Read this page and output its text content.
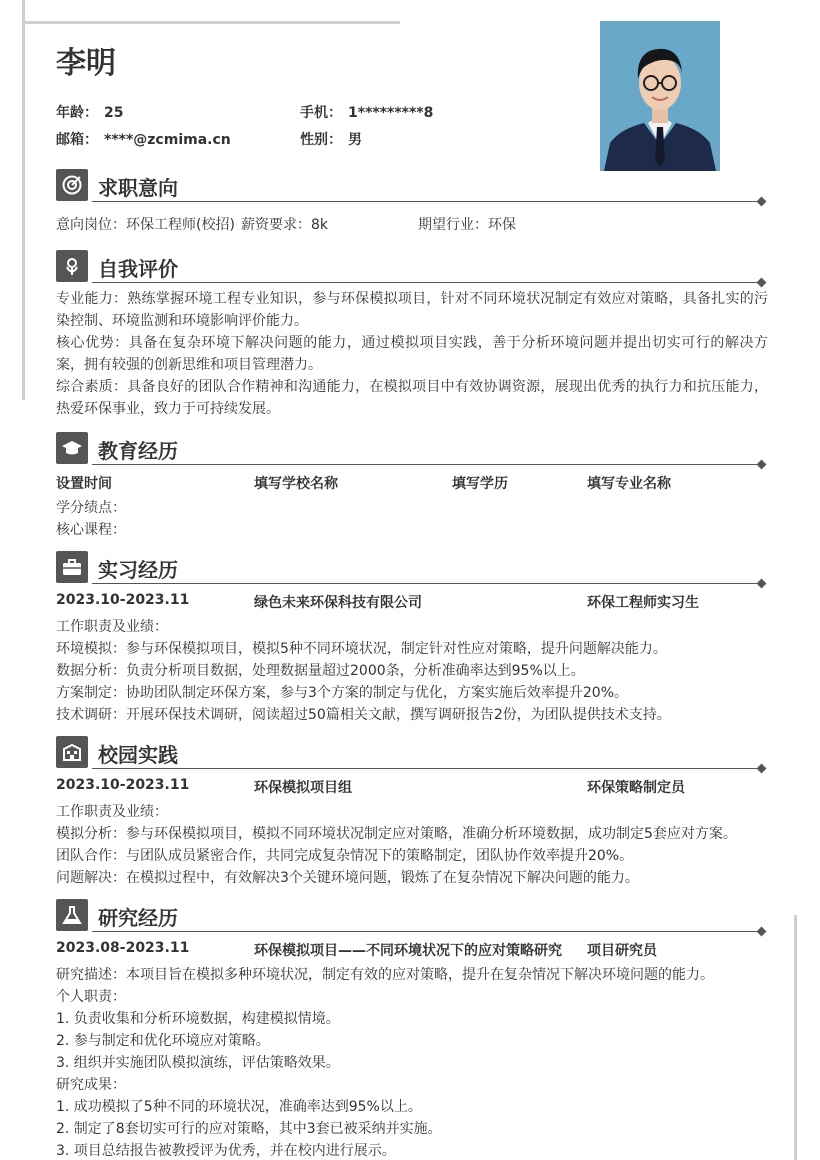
李明
年龄： 25	手机： 1*********8
邮箱： ****@zcmima.cn	性别： 男
求职意向
意向岗位：环保工程师(校招) 薪资要求：8k	期望行业：环保
自我评价
专业能力：熟练掌握环境工程专业知识，参与环保模拟项目，针对不同环境状况制定有效应对策略，具备扎实的污染控制、环境监测和环境影响评价能力。
核心优势：具备在复杂环境下解决问题的能力，通过模拟项目实践，善于分析环境问题并提出切实可行的解决方案，拥有较强的创新思维和项目管理潜力。
综合素质：具备良好的团队合作精神和沟通能力，在模拟项目中有效协调资源，展现出优秀的执行力和抗压能力，热爱环保事业，致力于可持续发展。
教育经历
设置时间	填写学校名称	填写学历	填写专业名称
学分绩点：
核心课程：
实习经历
2023.10-2023.11	绿色未来环保科技有限公司	环保工程师实习生
工作职责及业绩：
环境模拟：参与环保模拟项目，模拟5种不同环境状况，制定针对性应对策略，提升问题解决能力。
数据分析：负责分析项目数据，处理数据量超过2000条，分析准确率达到95%以上。
方案制定：协助团队制定环保方案，参与3个方案的制定与优化，方案实施后效率提升20%。
技术调研：开展环保技术调研，阅读超过50篇相关文献，撰写调研报告2份，为团队提供技术支持。
校园实践
2023.10-2023.11	环保模拟项目组	环保策略制定员
工作职责及业绩：
模拟分析：参与环保模拟项目，模拟不同环境状况制定应对策略，准确分析环境数据，成功制定5套应对方案。
团队合作：与团队成员紧密合作，共同完成复杂情况下的策略制定，团队协作效率提升20%。
问题解决：在模拟过程中，有效解决3个关键环境问题，锻炼了在复杂情况下解决问题的能力。
研究经历
2023.08-2023.11	环保模拟项目——不同环境状况下的应对策略研究 项目研究员
研究描述：本项目旨在模拟多种环境状况，制定有效的应对策略，提升在复杂情况下解决环境问题的能力。
个人职责：
1. 负责收集和分析环境数据，构建模拟情境。
2. 参与制定和优化环境应对策略。
3. 组织并实施团队模拟演练，评估策略效果。
研究成果：
1. 成功模拟了5种不同的环境状况，准确率达到95%以上。
2. 制定了8套切实可行的应对策略，其中3套已被采纳并实施。
3. 项目总结报告被教授评为优秀，并在校内进行展示。
